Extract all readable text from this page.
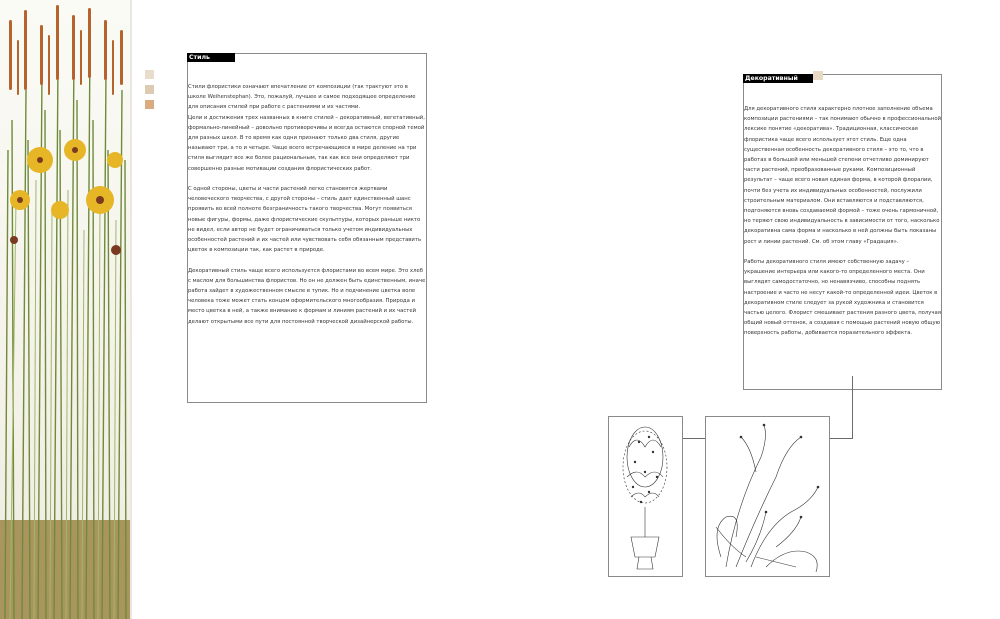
Стиль

Стили флористики означают впечатление от композиции (так трактуют это в школе Weihenstephan). Это, пожалуй, лучшее и самое подходящее определение для описания стилей при работе с растениями и их частями.
Цели и достижения трех названных в книге стилей – декоративный, вегетативный, формально-линейный – довольно противоречивы и всегда остаются спорной темой для разных школ. В то время как одни признают только два стиля, другие называют три, а то и четыре. Чаще всего встречающиеся в мире деление на три стиля выглядит все же более рациональным, так как все они определяют три совершенно разные мотивации создания флористических работ.

С одной стороны, цветы и части растений легко становятся жертвами человеческого творчества, с другой стороны – стиль дает единственный шанс проявить во всей полноте безграничность такого творчества. Могут появиться новые фигуры, формы, даже флористические скульптуры, которых раньше никто не видел, если автор не будет ограничиваться только учетом индивидуальных особенностей растений и их частей или чувствовать себя обязанным представить цветок в композиции так, как растет в природе.

Декоративный стиль чаще всего используется флористами во всем мире. Это хлеб с маслом для большинства флористов. Но он не должен быть единственным, иначе работа зайдет в художественном смысле в тупик. Но и подчинение цветка воле человека тоже может стать концом оформительского многообразия. Природа и место цветка в ней, а также внимание к формам и линиям растений и их частей делают открытыми все пути для постоянной творческой дизайнерской работы.

Декоративный стиль

Для декоративного стиля характерно плотное заполнение объема композиции растениями – так понимают обычно в профессиональной лексике понятие «декоратива». Традиционная, классическая флористика чаще всего использует этот стиль. Еще одна существенная особенность декоративного стиля – это то, что в работах в большей или меньшей степени отчетливо доминируют части растений, преобразованные руками. Композиционный результат – чаще всего новая единая форма, в которой флоралии, почти без учета их индивидуальных особенностей, послужили строительным материалом. Они вставляются и подставляются, подгоняются вновь создаваемой формой – тоже очень гармоничной, но теряют свою индивидуальность в зависимости от того, насколько декоративна сама форма и насколько в ней должны быть показаны рост и линии растений. См. об этом главу «Градация».

Работы декоративного стиля имеют собственную задачу – украшение интерьера или какого-то определенного места. Они выглядят самодостаточно, но ненавязчиво, способны поднять настроение и часто не несут какой-то определенной идеи. Цветок в декоративном стиле следует за рукой художника и становится частью целого. Флорист смешивает растения разного цвета, получая общий новый оттенок, а создавая с помощью растений новую общую поверхность работы, добивается поразительного эффекта.
